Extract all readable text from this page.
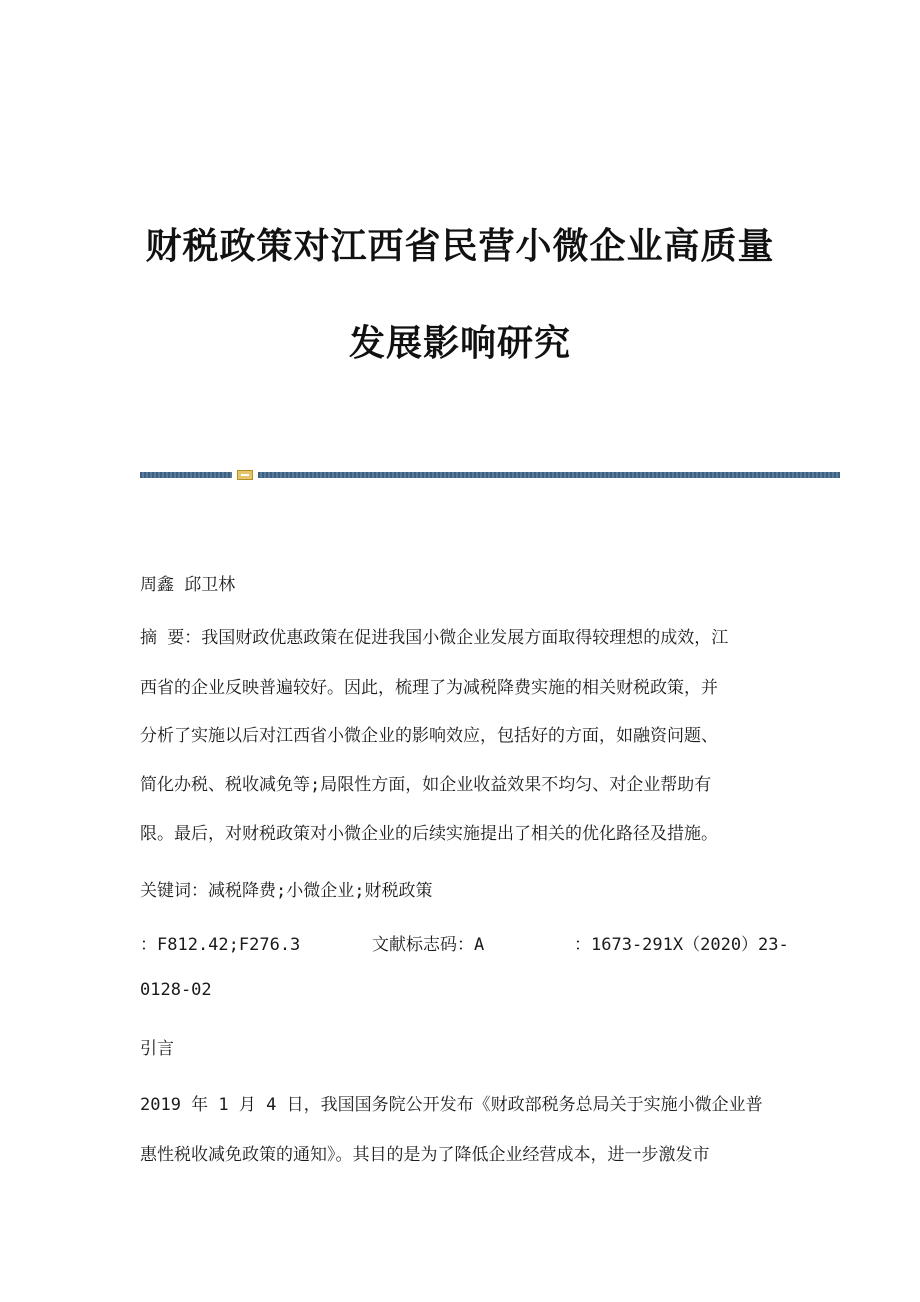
财税政策对江西省民营小微企业高质量
发展影响研究
周鑫 邱卫林
摘 要：我国财政优惠政策在促进我国小微企业发展方面取得较理想的成效，江
西省的企业反映普遍较好。因此，梳理了为减税降费实施的相关财税政策，并
分析了实施以后对江西省小微企业的影响效应，包括好的方面，如融资问题、
简化办税、税收减免等;局限性方面，如企业收益效果不均匀、对企业帮助有
限。最后，对财税政策对小微企业的后续实施提出了相关的优化路径及措施。
关键词：减税降费;小微企业;财税政策
：F812.42;F276.3	文献标志码：A	：1673-291X（2020）23-
0128-02
引言
2019 年 1 月 4 日，我国国务院公开发布《财政部税务总局关于实施小微企业普
惠性税收减免政策的通知》。其目的是为了降低企业经营成本，进一步激发市
